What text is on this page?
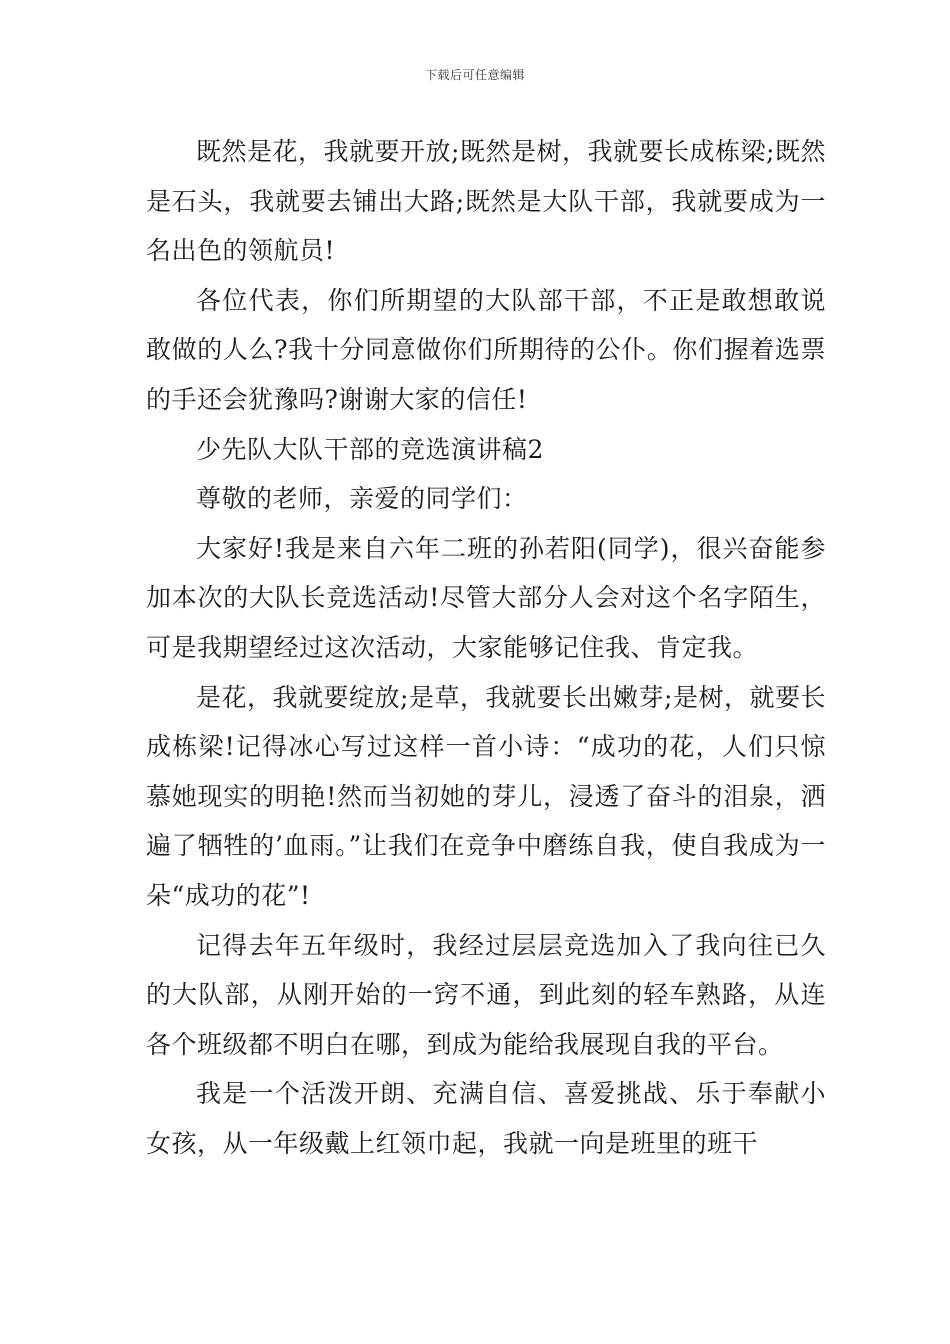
下载后可任意编辑

既然是花，我就要开放;既然是树，我就要长成栋梁;既然是石头，我就要去铺出大路;既然是大队干部，我就要成为一名出色的领航员!

各位代表，你们所期望的大队部干部，不正是敢想敢说敢做的人么?我十分同意做你们所期待的公仆。你们握着选票的手还会犹豫吗?谢谢大家的信任!

少先队大队干部的竞选演讲稿2

尊敬的老师，亲爱的同学们：

大家好!我是来自六年二班的孙若阳(同学)，很兴奋能参加本次的大队长竞选活动!尽管大部分人会对这个名字陌生，可是我期望经过这次活动，大家能够记住我、肯定我。

是花，我就要绽放;是草，我就要长出嫩芽;是树，就要长成栋梁!记得冰心写过这样一首小诗：“成功的花，人们只惊慕她现实的明艳!然而当初她的芽儿，浸透了奋斗的泪泉，洒遍了牺牲的’血雨。”让我们在竞争中磨练自我，使自我成为一朵“成功的花”!

记得去年五年级时，我经过层层竞选加入了我向往已久的大队部，从刚开始的一窍不通，到此刻的轻车熟路，从连各个班级都不明白在哪，到成为能给我展现自我的平台。

我是一个活泼开朗、充满自信、喜爱挑战、乐于奉献小女孩，从一年级戴上红领巾起，我就一向是班里的班干
